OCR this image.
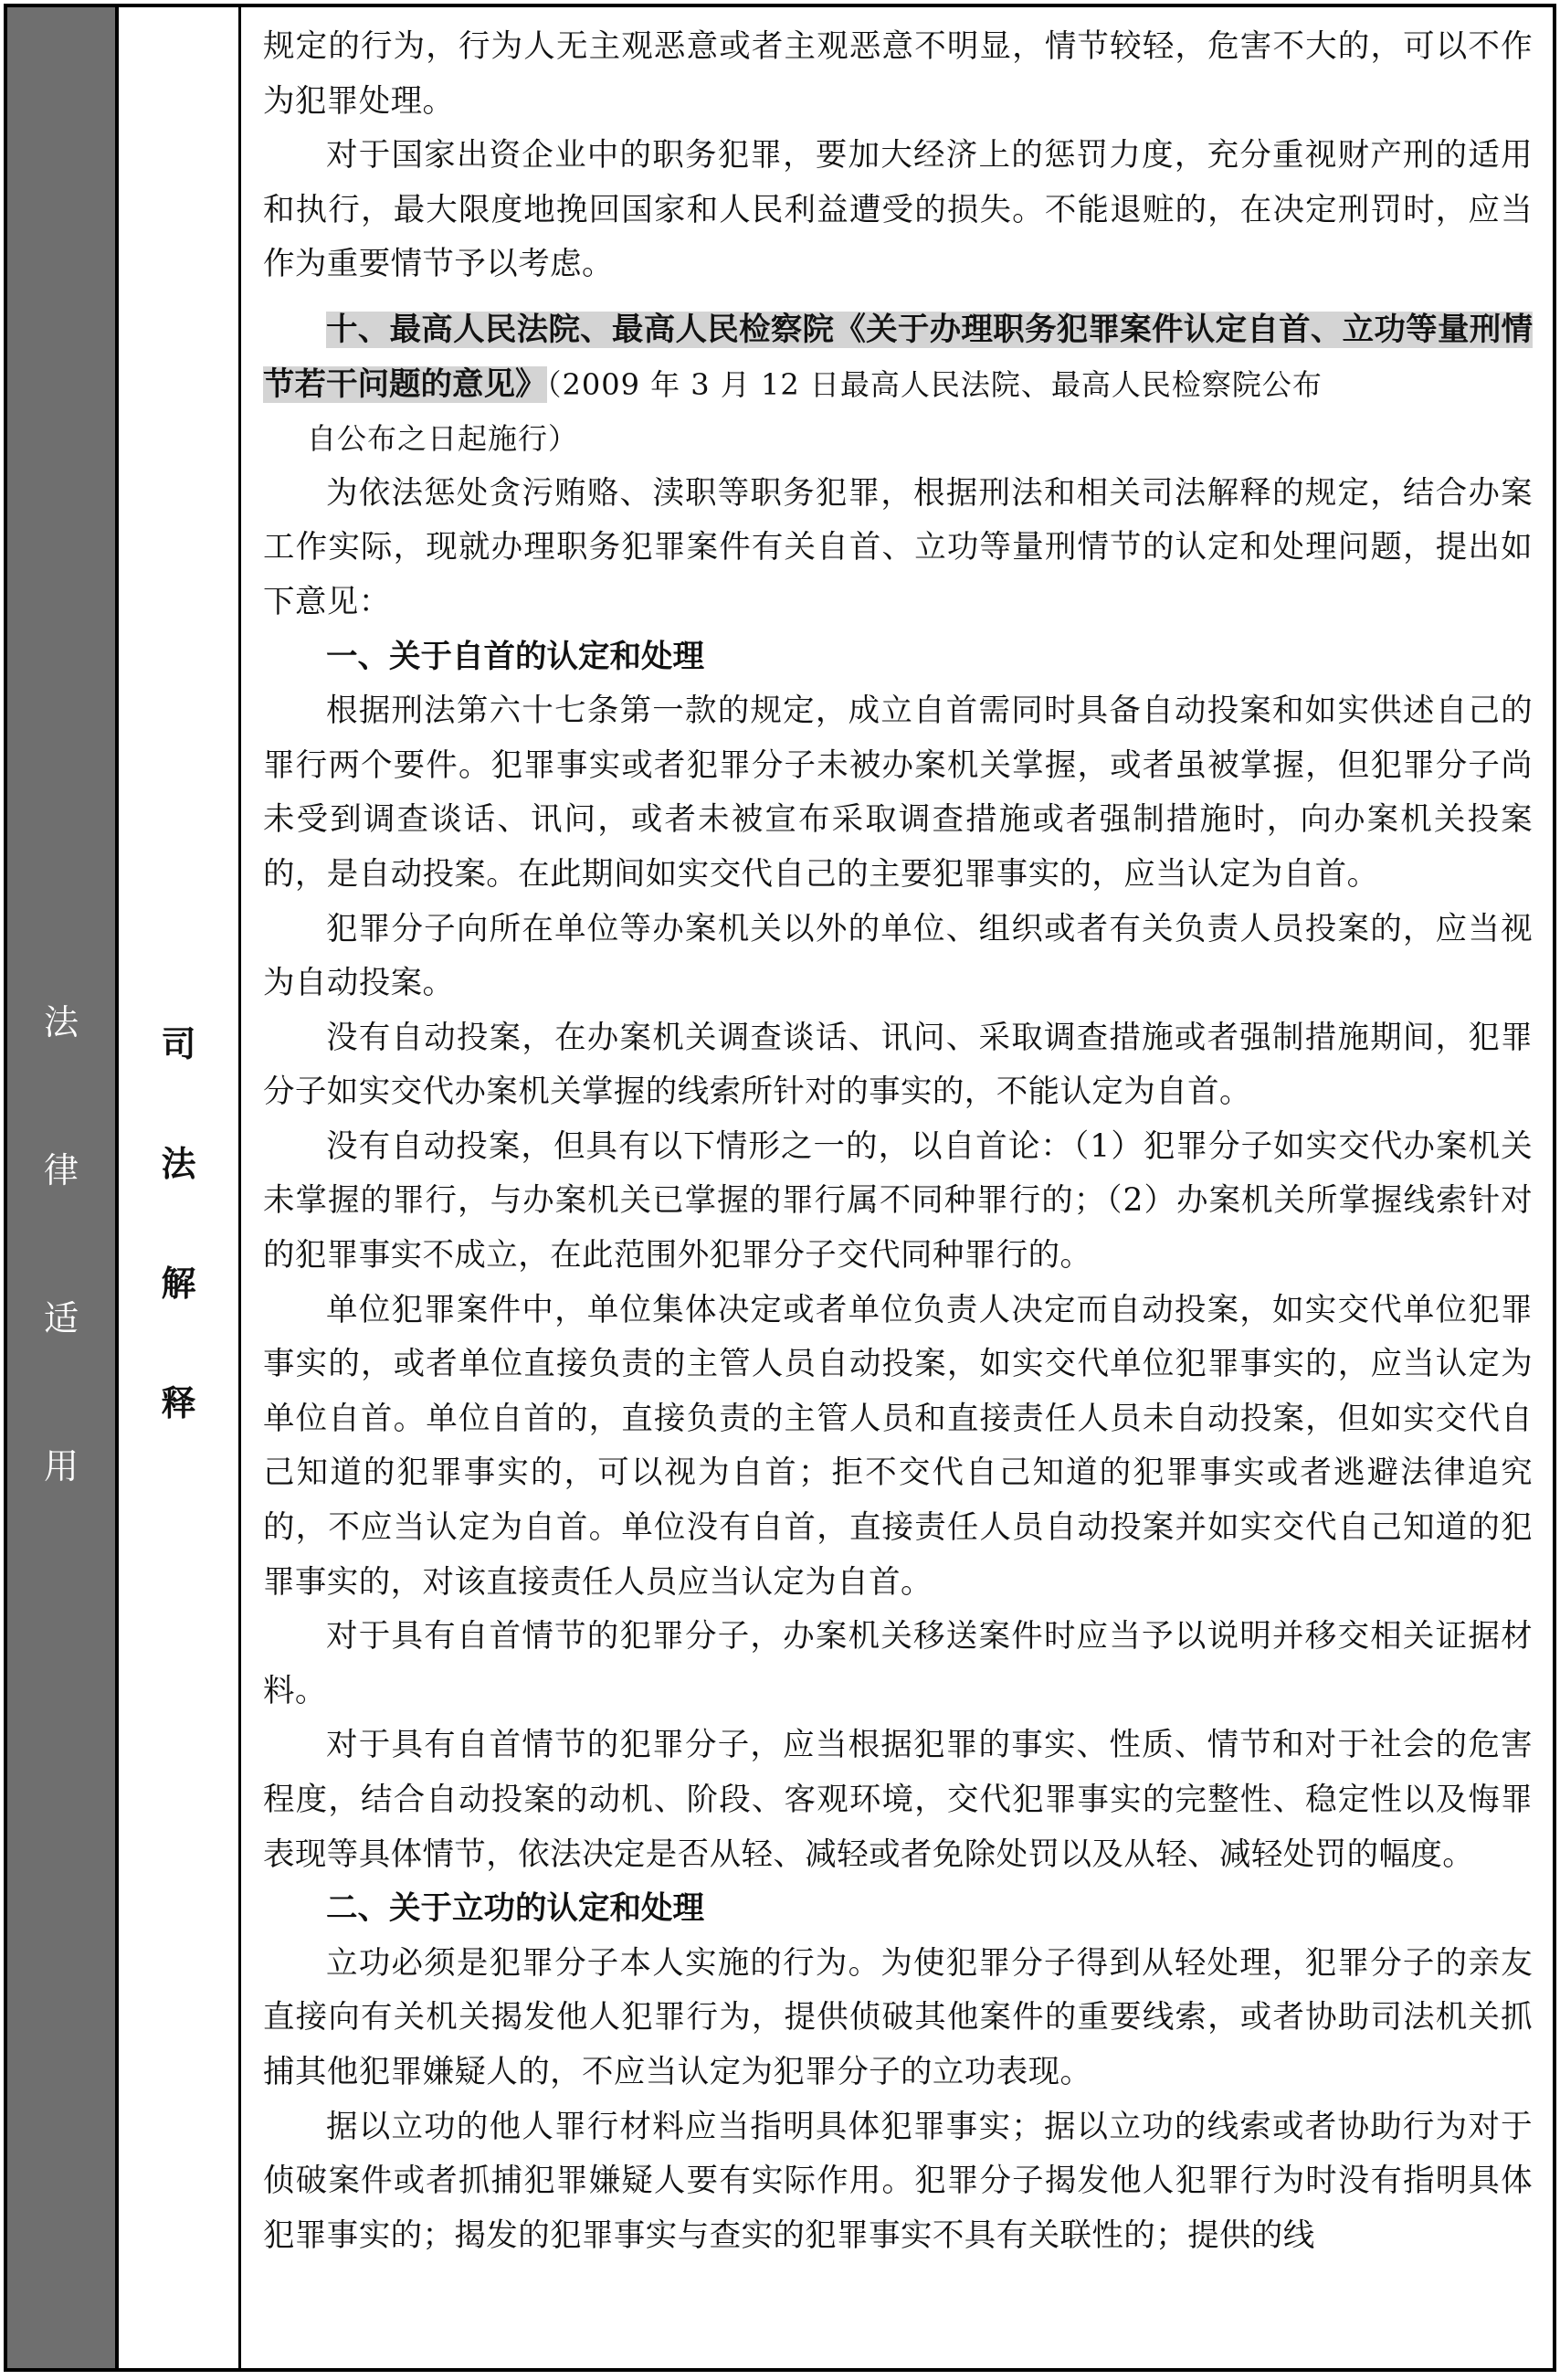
法
律
适
用
司
法
解
释

规定的行为，行为人无主观恶意或者主观恶意不明显，情节较轻，危害不大的，可以不作为犯罪处理。

对于国家出资企业中的职务犯罪，要加大经济上的惩罚力度，充分重视财产刑的适用和执行，最大限度地挽回国家和人民利益遭受的损失。不能退赃的，在决定刑罚时，应当作为重要情节予以考虑。

十、最高人民法院、最高人民检察院《关于办理职务犯罪案件认定自首、立功等量刑情节若干问题的意见》（2009 年 3 月 12 日最高人民法院、最高人民检察院公布

自公布之日起施行）

为依法惩处贪污贿赂、渎职等职务犯罪，根据刑法和相关司法解释的规定，结合办案工作实际，现就办理职务犯罪案件有关自首、立功等量刑情节的认定和处理问题，提出如下意见：

一、关于自首的认定和处理

根据刑法第六十七条第一款的规定，成立自首需同时具备自动投案和如实供述自己的罪行两个要件。犯罪事实或者犯罪分子未被办案机关掌握，或者虽被掌握，但犯罪分子尚未受到调查谈话、讯问，或者未被宣布采取调查措施或者强制措施时，向办案机关投案的，是自动投案。在此期间如实交代自己的主要犯罪事实的，应当认定为自首。

犯罪分子向所在单位等办案机关以外的单位、组织或者有关负责人员投案的，应当视为自动投案。

没有自动投案，在办案机关调查谈话、讯问、采取调查措施或者强制措施期间，犯罪分子如实交代办案机关掌握的线索所针对的事实的，不能认定为自首。

没有自动投案，但具有以下情形之一的，以自首论：（1）犯罪分子如实交代办案机关未掌握的罪行，与办案机关已掌握的罪行属不同种罪行的；（2）办案机关所掌握线索针对的犯罪事实不成立，在此范围外犯罪分子交代同种罪行的。

单位犯罪案件中，单位集体决定或者单位负责人决定而自动投案，如实交代单位犯罪事实的，或者单位直接负责的主管人员自动投案，如实交代单位犯罪事实的，应当认定为单位自首。单位自首的，直接负责的主管人员和直接责任人员未自动投案，但如实交代自己知道的犯罪事实的，可以视为自首；拒不交代自己知道的犯罪事实或者逃避法律追究的，不应当认定为自首。单位没有自首，直接责任人员自动投案并如实交代自己知道的犯罪事实的，对该直接责任人员应当认定为自首。

对于具有自首情节的犯罪分子，办案机关移送案件时应当予以说明并移交相关证据材料。

对于具有自首情节的犯罪分子，应当根据犯罪的事实、性质、情节和对于社会的危害程度，结合自动投案的动机、阶段、客观环境，交代犯罪事实的完整性、稳定性以及悔罪表现等具体情节，依法决定是否从轻、减轻或者免除处罚以及从轻、减轻处罚的幅度。

二、关于立功的认定和处理

立功必须是犯罪分子本人实施的行为。为使犯罪分子得到从轻处理，犯罪分子的亲友直接向有关机关揭发他人犯罪行为，提供侦破其他案件的重要线索，或者协助司法机关抓捕其他犯罪嫌疑人的，不应当认定为犯罪分子的立功表现。

据以立功的他人罪行材料应当指明具体犯罪事实；据以立功的线索或者协助行为对于侦破案件或者抓捕犯罪嫌疑人要有实际作用。犯罪分子揭发他人犯罪行为时没有指明具体犯罪事实的；揭发的犯罪事实与查实的犯罪事实不具有关联性的；提供的线
